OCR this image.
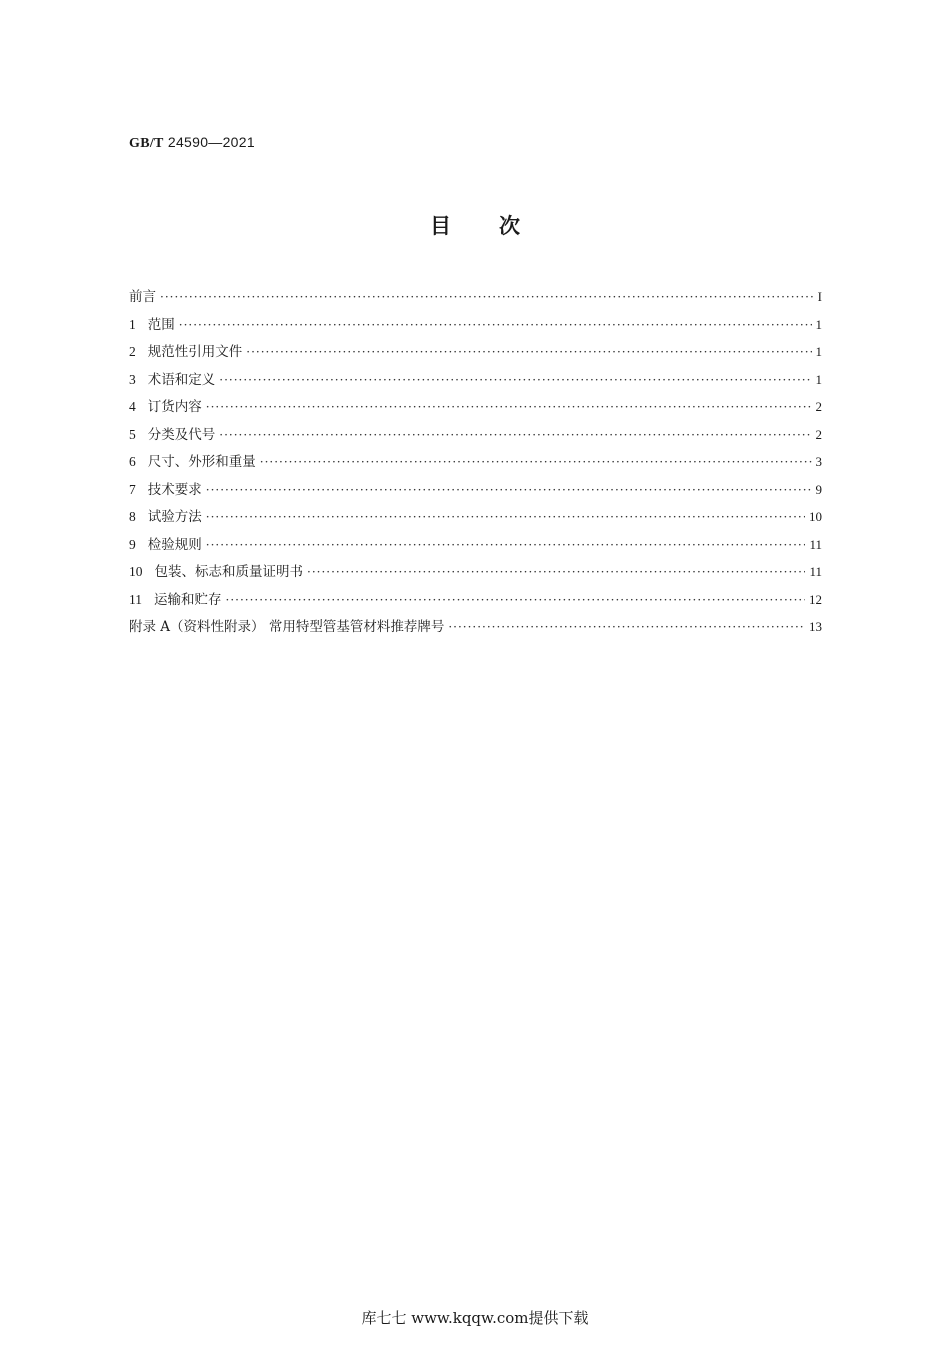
GB/T 24590—2021
目 次
前言 ·····	I
1 范围 ·····	1
2 规范性引用文件 ·····	1
3 术语和定义 ·····	1
4 订货内容 ·····	2
5 分类及代号 ·····	2
6 尺寸、外形和重量 ·····	3
7 技术要求 ·····	9
8 试验方法 ·····	10
9 检验规则 ·····	11
10 包装、标志和质量证明书 ·····	11
11 运输和贮存 ·····	12
附录 A（资料性附录） 常用特型管基管材料推荐牌号 ·····	13
库七七 www.kqqw.com提供下载
